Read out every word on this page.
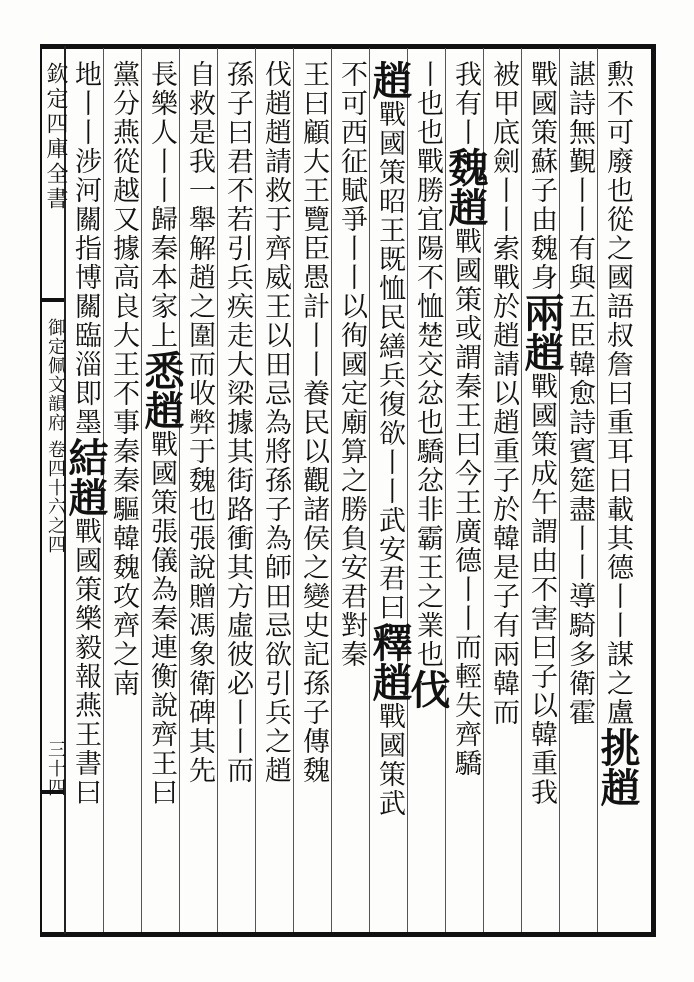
欽定四庫全書
御定佩文韻府
卷四十六之四
三十四
勲不可廢也從之國語叔詹曰重耳日載其德丨丨謀之盧挑趙
諶詩無覲丨丨有與五臣韓愈詩賓筵盡丨丨導騎多衛霍
戰國策蘇子由魏身兩趙戰國策成午謂由不害曰子以韓重我
被甲底劍丨丨索戰於趙請以趙重子於韓是子有兩韓而
我有丨魏趙戰國策或謂秦王曰今王廣德丨丨而輕失齊驕
丨也也戰勝宜陽不恤楚交忿也驕忿非霸王之業也伐
趙戰國策昭王既恤民繕兵復欲丨丨武安君曰釋趙戰國策武
不可西征賦爭丨丨以徇國定廟算之勝負安君對秦
王曰顧大王覽臣愚計丨丨養民以觀諸侯之變史記孫子傳魏
伐趙趙請救于齊威王以田忌為將孫子為師田忌欲引兵之趙
孫子曰君不若引兵疾走大梁據其街路衝其方虛彼必丨丨而
自救是我一舉解趙之圍而收弊于魏也張說贈馮象衛碑其先
長樂人丨丨歸秦本家上悉趙戰國策張儀為秦連衡說齊王曰
黨分燕從越又據高良大王不事秦秦驅韓魏攻齊之南
地丨丨涉河關指博關臨淄即墨結趙戰國策樂毅報燕王書曰
